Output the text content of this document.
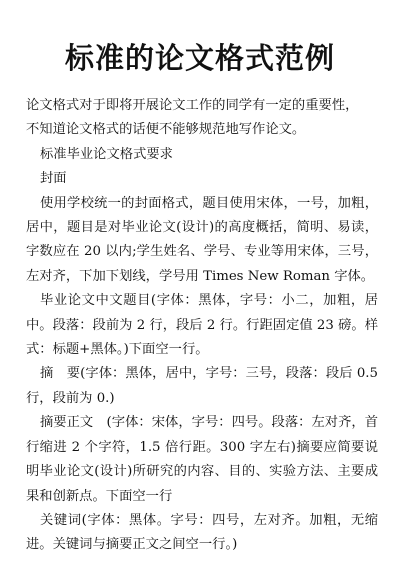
标准的论文格式范例

论文格式对于即将开展论文工作的同学有一定的重要性，

不知道论文格式的话便不能够规范地写作论文。

标准毕业论文格式要求

封面

使用学校统一的封面格式，题目使用宋体，一号，加粗，居中，题目是对毕业论文(设计)的高度概括，简明、易读，字数应在 20 以内;学生姓名、学号、专业等用宋体，三号，左对齐，下加下划线，学号用 Times New Roman 字体。

毕业论文中文题目(字体：黑体，字号：小二，加粗，居中。段落：段前为 2 行，段后 2 行。行距固定值 23 磅。样式：标题+黑体。)下面空一行。

摘　要(字体：黑体，居中，字号：三号，段落：段后 0.5 行，段前为 0.)

摘要正文　(字体：宋体，字号：四号。段落：左对齐，首行缩进 2 个字符，1.5 倍行距。300 字左右)摘要应简要说明毕业论文(设计)所研究的内容、目的、实验方法、主要成果和创新点。下面空一行

关键词(字体：黑体。字号：四号，左对齐。加粗，无缩进。关键词与摘要正文之间空一行。)
